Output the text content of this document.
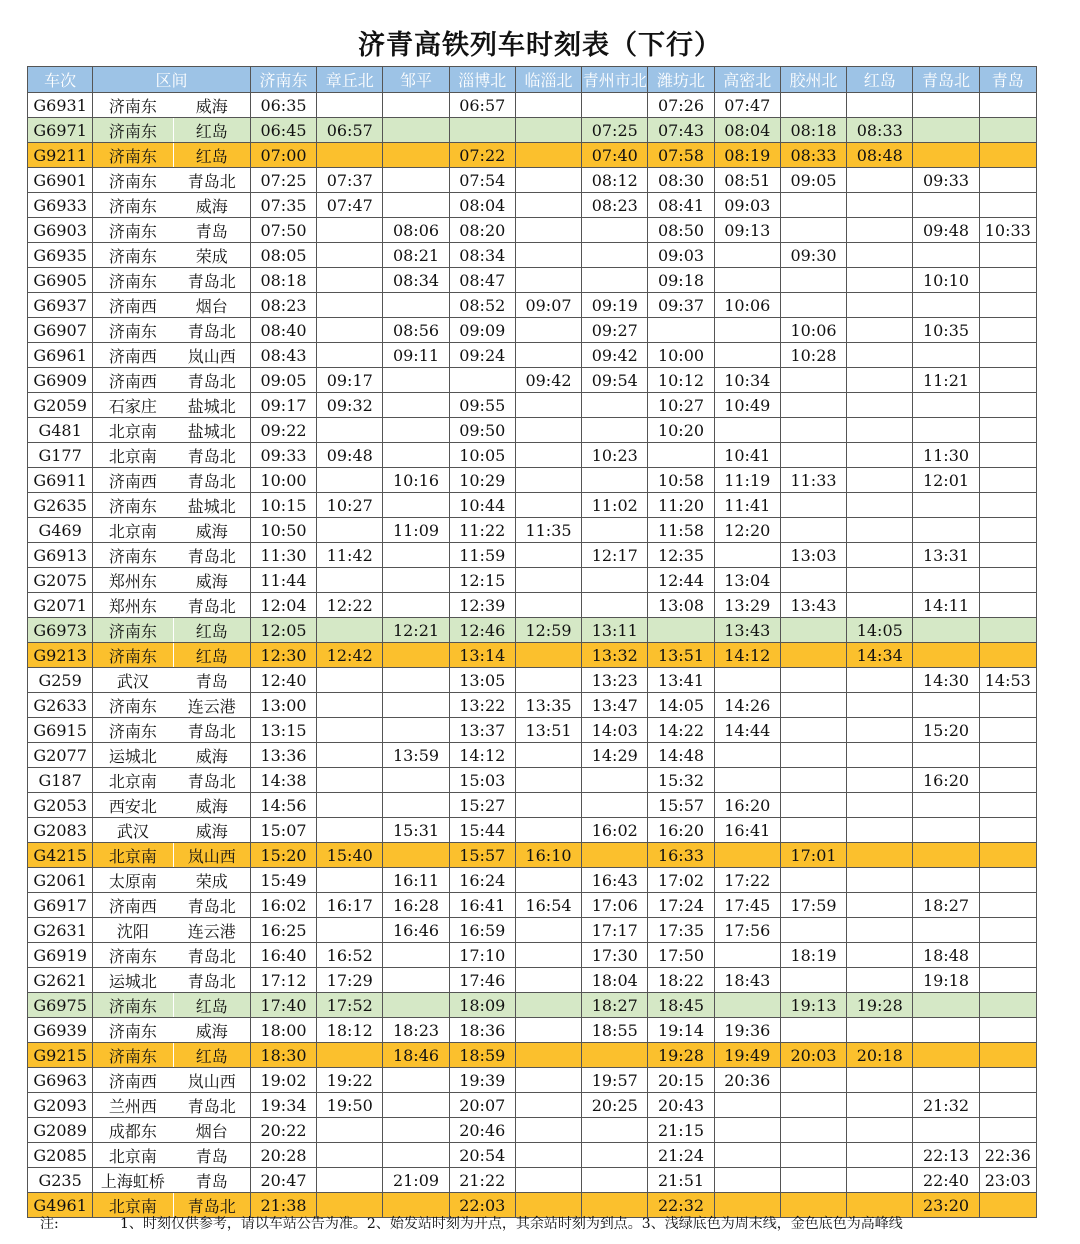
济青高铁列车时刻表（下行）
车次	区间		济南东	章丘北	邹平	淄博北	临淄北	青州市北	潍坊北	高密北	胶州北	红岛	青岛北	青岛
G6931	济南东	威海	06:35			06:57			07:26	07:47				
G6971	济南东	红岛	06:45	06:57				07:25	07:43	08:04	08:18	08:33		
G9211	济南东	红岛	07:00			07:22		07:40	07:58	08:19	08:33	08:48		
G6901	济南东	青岛北	07:25	07:37		07:54		08:12	08:30	08:51	09:05		09:33	
G6933	济南东	威海	07:35	07:47		08:04		08:23	08:41	09:03				
G6903	济南东	青岛	07:50		08:06	08:20			08:50	09:13			09:48	10:33
G6935	济南东	荣成	08:05		08:21	08:34			09:03		09:30			
G6905	济南东	青岛北	08:18		08:34	08:47			09:18				10:10	
G6937	济南西	烟台	08:23			08:52	09:07	09:19	09:37	10:06				
G6907	济南东	青岛北	08:40		08:56	09:09		09:27			10:06		10:35	
G6961	济南西	岚山西	08:43		09:11	09:24		09:42	10:00		10:28			
G6909	济南西	青岛北	09:05	09:17			09:42	09:54	10:12	10:34			11:21	
G2059	石家庄	盐城北	09:17	09:32		09:55			10:27	10:49				
G481	北京南	盐城北	09:22			09:50			10:20					
G177	北京南	青岛北	09:33	09:48		10:05		10:23		10:41			11:30	
G6911	济南西	青岛北	10:00		10:16	10:29			10:58	11:19	11:33		12:01	
G2635	济南东	盐城北	10:15	10:27		10:44		11:02	11:20	11:41				
G469	北京南	威海	10:50		11:09	11:22	11:35		11:58	12:20				
G6913	济南东	青岛北	11:30	11:42		11:59		12:17	12:35		13:03		13:31	
G2075	郑州东	威海	11:44			12:15			12:44	13:04				
G2071	郑州东	青岛北	12:04	12:22		12:39			13:08	13:29	13:43		14:11	
G6973	济南东	红岛	12:05		12:21	12:46	12:59	13:11		13:43		14:05		
G9213	济南东	红岛	12:30	12:42		13:14		13:32	13:51	14:12		14:34		
G259	武汉	青岛	12:40			13:05		13:23	13:41				14:30	14:53
G2633	济南东	连云港	13:00			13:22	13:35	13:47	14:05	14:26				
G6915	济南东	青岛北	13:15			13:37	13:51	14:03	14:22	14:44			15:20	
G2077	运城北	威海	13:36		13:59	14:12		14:29	14:48					
G187	北京南	青岛北	14:38			15:03			15:32				16:20	
G2053	西安北	威海	14:56			15:27			15:57	16:20				
G2083	武汉	威海	15:07		15:31	15:44		16:02	16:20	16:41				
G4215	北京南	岚山西	15:20	15:40		15:57	16:10		16:33		17:01			
G2061	太原南	荣成	15:49		16:11	16:24		16:43	17:02	17:22				
G6917	济南西	青岛北	16:02	16:17	16:28	16:41	16:54	17:06	17:24	17:45	17:59		18:27	
G2631	沈阳	连云港	16:25		16:46	16:59		17:17	17:35	17:56				
G6919	济南东	青岛北	16:40	16:52		17:10		17:30	17:50		18:19		18:48	
G2621	运城北	青岛北	17:12	17:29		17:46		18:04	18:22	18:43			19:18	
G6975	济南东	红岛	17:40	17:52		18:09		18:27	18:45		19:13	19:28		
G6939	济南东	威海	18:00	18:12	18:23	18:36		18:55	19:14	19:36				
G9215	济南东	红岛	18:30		18:46	18:59			19:28	19:49	20:03	20:18		
G6963	济南西	岚山西	19:02	19:22		19:39		19:57	20:15	20:36				
G2093	兰州西	青岛北	19:34	19:50		20:07		20:25	20:43				21:32	
G2089	成都东	烟台	20:22			20:46			21:15					
G2085	北京南	青岛	20:28			20:54			21:24				22:13	22:36
G235	上海虹桥	青岛	20:47		21:09	21:22			21:51				22:40	23:03
G4961	北京南	青岛北	21:38			22:03			22:32				23:20	
注:	1、时刻仅供参考，请以车站公告为准。2、始发站时刻为开点，其余站时刻为到点。3、浅绿底色为周末线，金色底色为高峰线
